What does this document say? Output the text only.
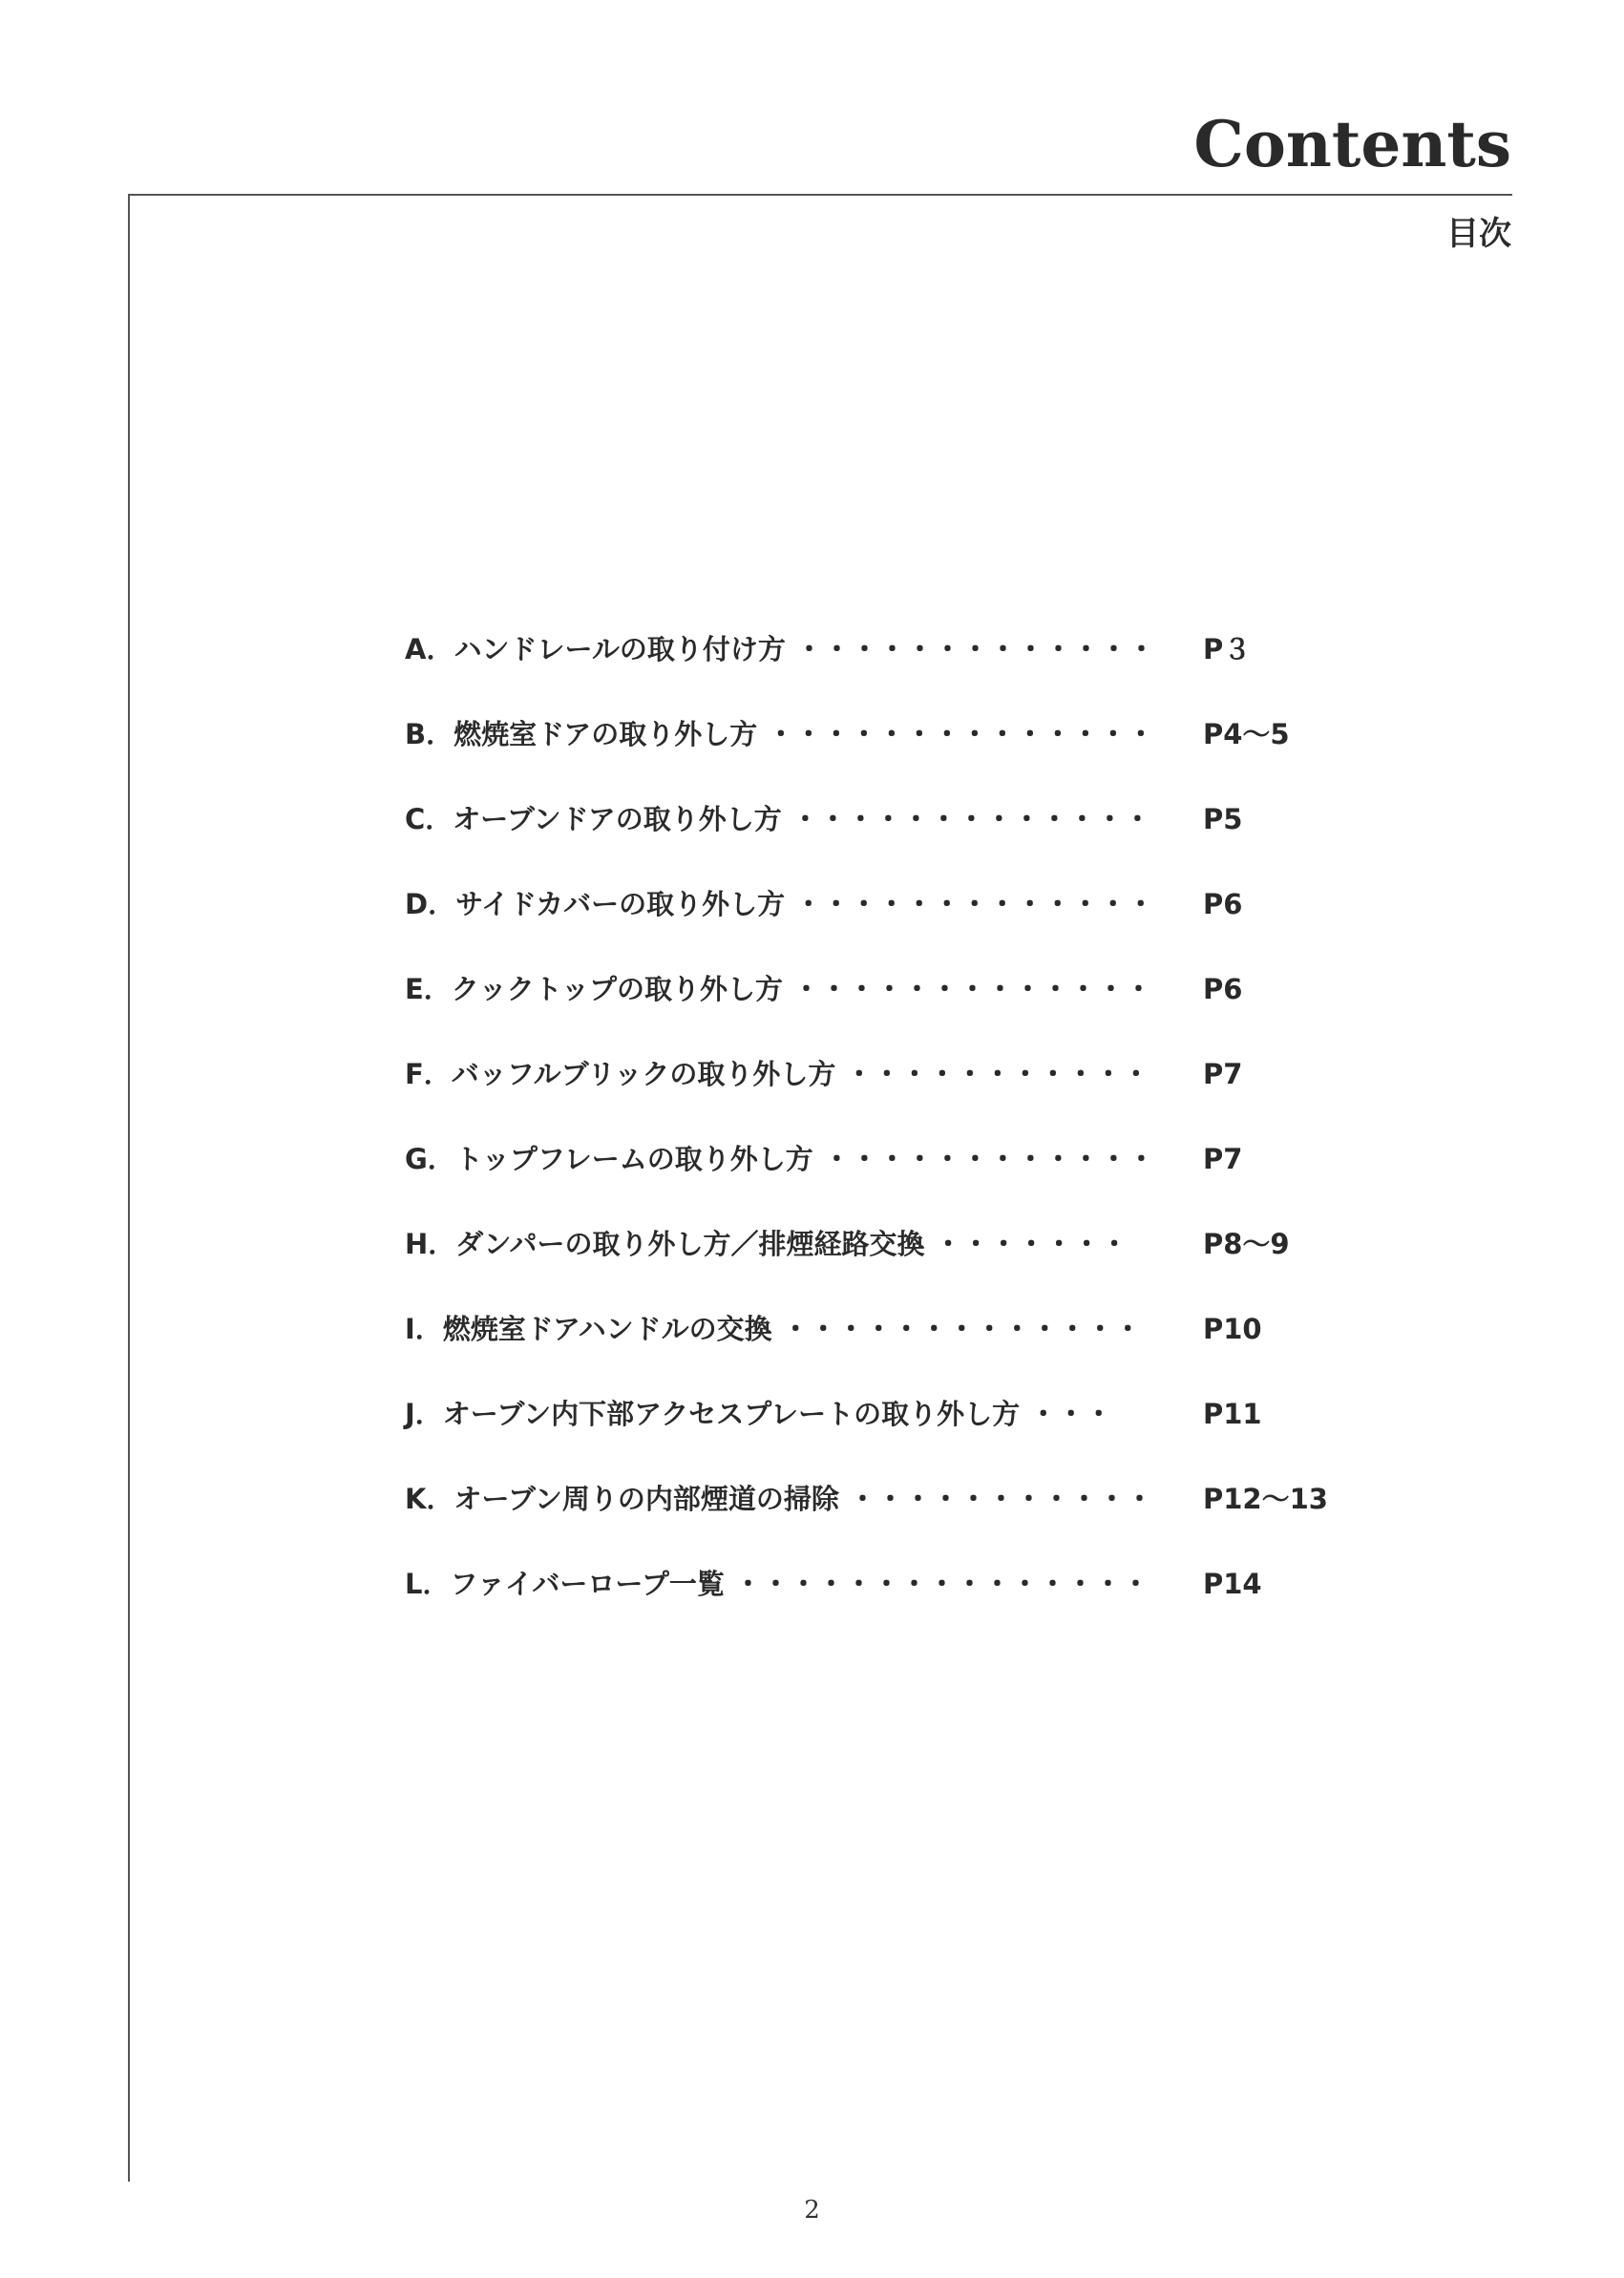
Contents
目次
A．ハンドレールの取り付け方 ・・・・・・・・・・・・・ P３
B．燃焼室ドアの取り外し方 ・・・・・・・・・・・・・・ P4～5
C．オーブンドアの取り外し方 ・・・・・・・・・・・・・ P5
D．サイドカバーの取り外し方 ・・・・・・・・・・・・・ P6
E．クックトップの取り外し方 ・・・・・・・・・・・・・ P6
F．バッフルブリックの取り外し方 ・・・・・・・・・・・ P7
G．トップフレームの取り外し方 ・・・・・・・・・・・・ P7
H．ダンパーの取り外し方／排煙経路交換 ・・・・・・・	P8～9
I．燃焼室ドアハンドルの交換 ・・・・・・・・・・・・・ P10
J．オーブン内下部アクセスプレートの取り外し方 ・・・	P11
K．オーブン周りの内部煙道の掃除 ・・・・・・・・・・・ P12～13
L．ファイバーロープ一覧 ・・・・・・・・・・・・・・・ P14
2
